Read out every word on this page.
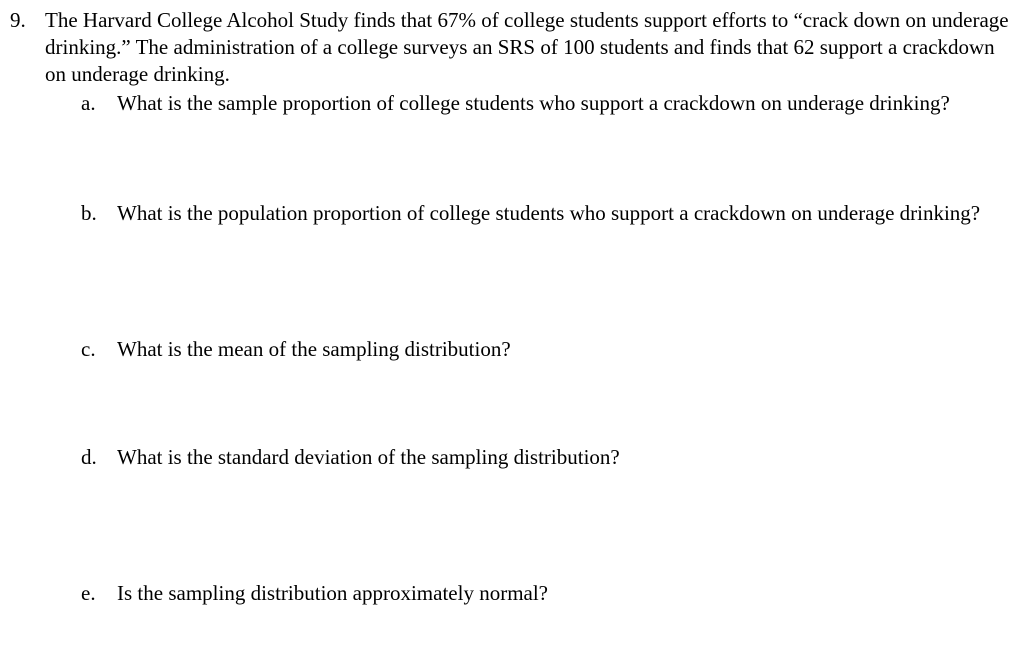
9. The Harvard College Alcohol Study finds that 67% of college students support efforts to “crack down on underage drinking.” The administration of a college surveys an SRS of 100 students and finds that 62 support a crackdown on underage drinking.

a. What is the sample proportion of college students who support a crackdown on underage drinking?

b. What is the population proportion of college students who support a crackdown on underage drinking?

c. What is the mean of the sampling distribution?

d. What is the standard deviation of the sampling distribution?

e. Is the sampling distribution approximately normal?
